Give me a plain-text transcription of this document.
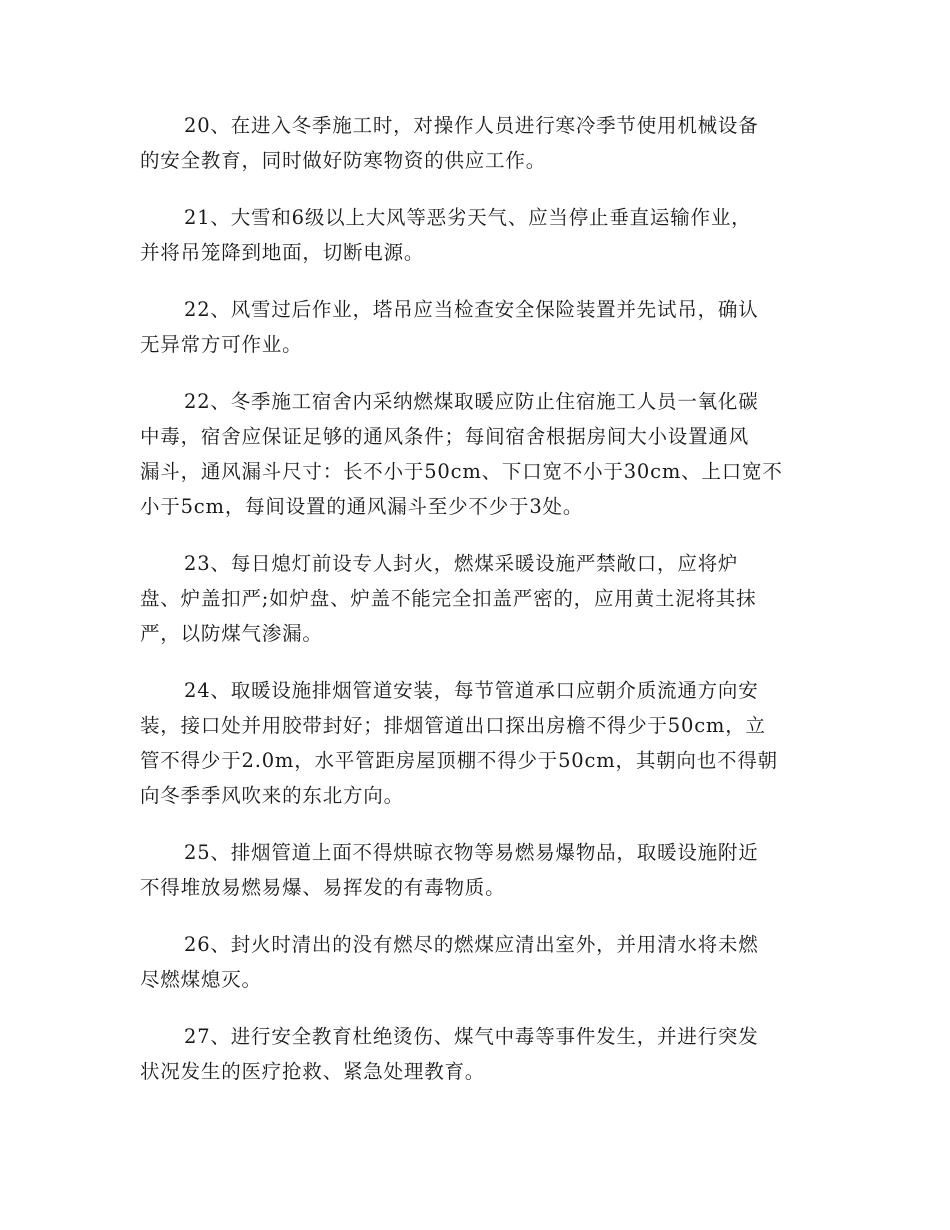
20、在进入冬季施工时，对操作人员进行寒冷季节使用机械设备
的安全教育，同时做好防寒物资的供应工作。

21、大雪和6级以上大风等恶劣天气、应当停止垂直运输作业，
并将吊笼降到地面，切断电源。

22、风雪过后作业，塔吊应当检查安全保险装置并先试吊，确认
无异常方可作业。

22、冬季施工宿舍内采纳燃煤取暖应防止住宿施工人员一氧化碳
中毒，宿舍应保证足够的通风条件；每间宿舍根据房间大小设置通风
漏斗，通风漏斗尺寸：长不小于50cm、下口宽不小于30cm、上口宽不
小于5cm，每间设置的通风漏斗至少不少于3处。

23、每日熄灯前设专人封火，燃煤采暖设施严禁敞口，应将炉
盘、炉盖扣严;如炉盘、炉盖不能完全扣盖严密的，应用黄土泥将其抹
严，以防煤气渗漏。

24、取暖设施排烟管道安装，每节管道承口应朝介质流通方向安
装，接口处并用胶带封好；排烟管道出口探出房檐不得少于50cm，立
管不得少于2.0m，水平管距房屋顶棚不得少于50cm，其朝向也不得朝
向冬季季风吹来的东北方向。

25、排烟管道上面不得烘晾衣物等易燃易爆物品，取暖设施附近
不得堆放易燃易爆、易挥发的有毒物质。

26、封火时清出的没有燃尽的燃煤应清出室外，并用清水将未燃
尽燃煤熄灭。

27、进行安全教育杜绝烫伤、煤气中毒等事件发生，并进行突发
状况发生的医疗抢救、紧急处理教育。
